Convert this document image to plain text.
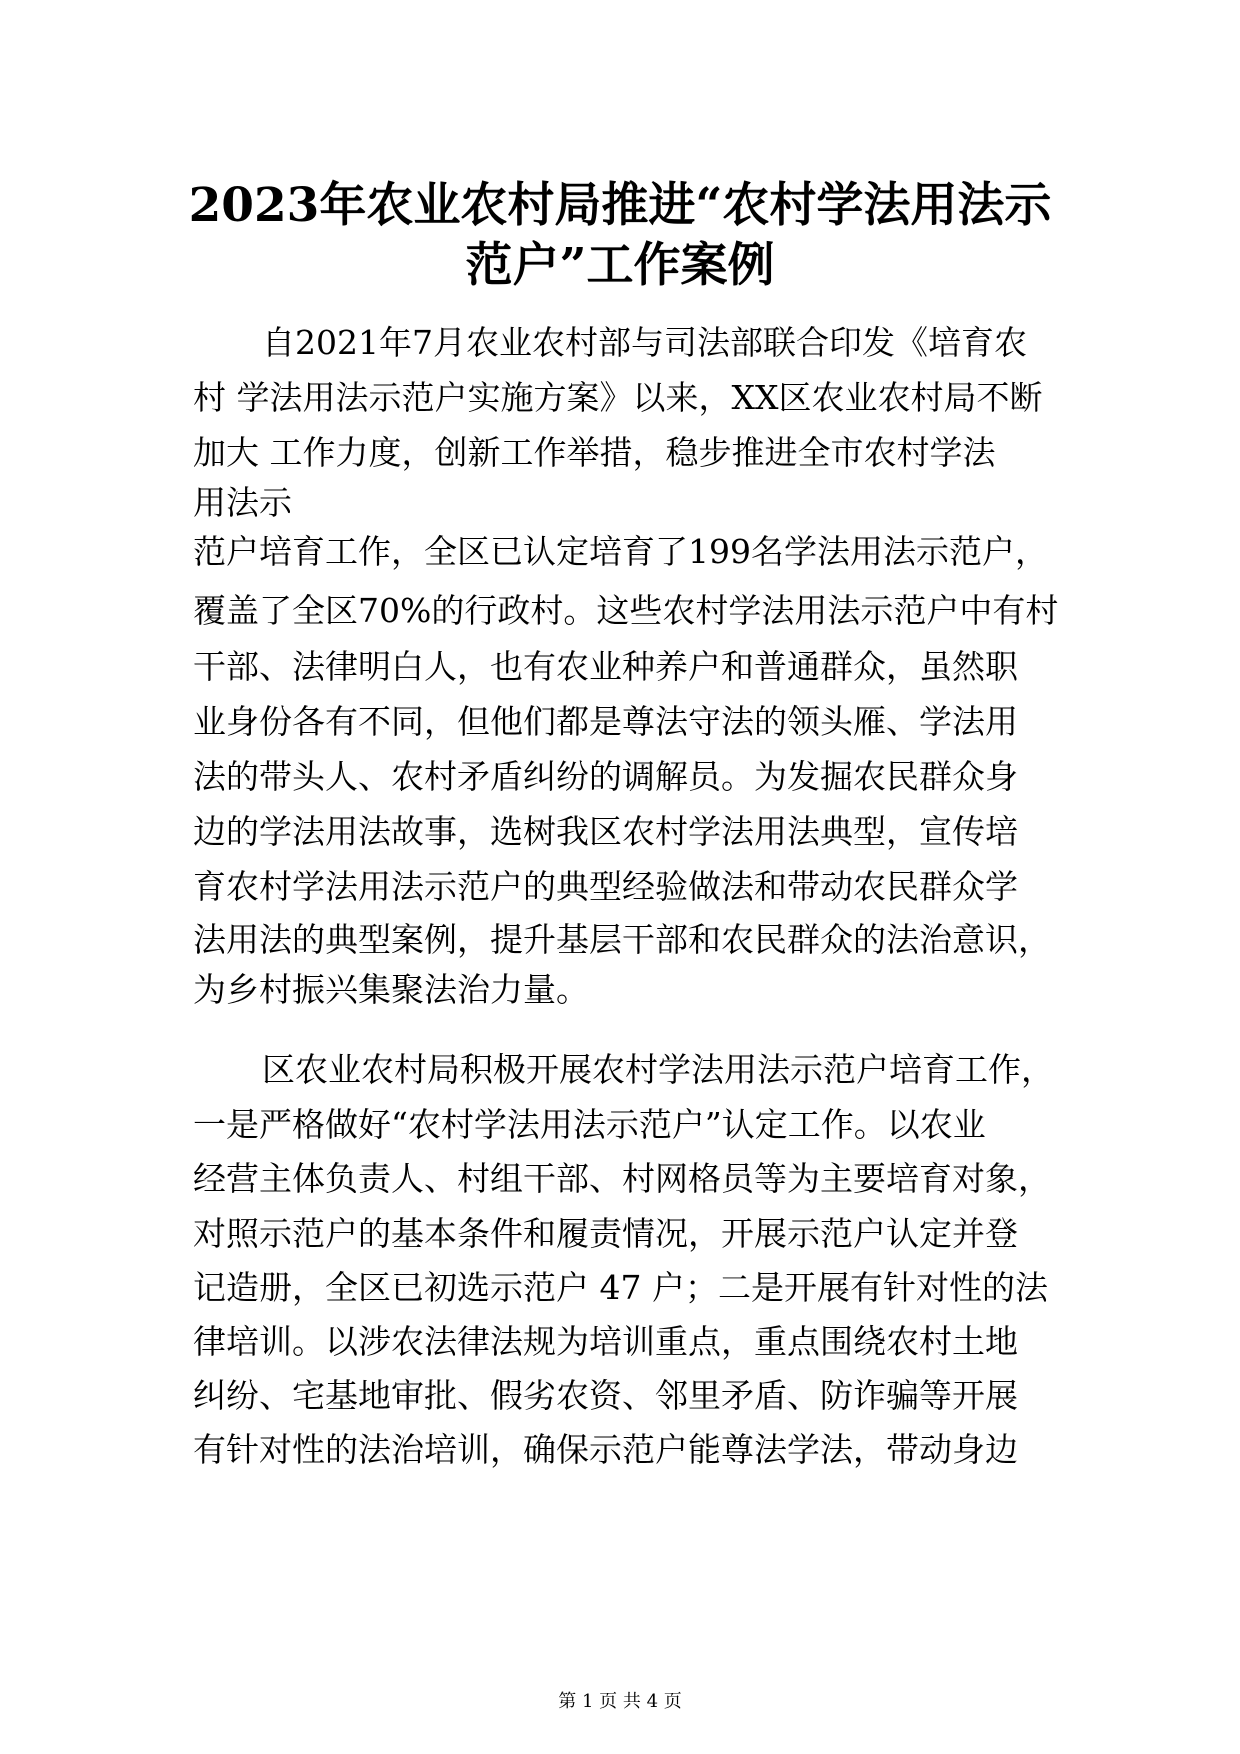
2023年农业农村局推进“农村学法用法示
范户”工作案例
自2021年7月农业农村部与司法部联合印发《培育农
村 学法用法示范户实施方案》以来，XX区农业农村局不断
加大 工作力度，创新工作举措，稳步推进全市农村学法
用法示
范户培育工作，全区已认定培育了199名学法用法示范户，
覆盖了全区70%的行政村。这些农村学法用法示范户中有村
干部、法律明白人，也有农业种养户和普通群众，虽然职
业身份各有不同，但他们都是尊法守法的领头雁、学法用
法的带头人、农村矛盾纠纷的调解员。为发掘农民群众身
边的学法用法故事，选树我区农村学法用法典型，宣传培
育农村学法用法示范户的典型经验做法和带动农民群众学
法用法的典型案例，提升基层干部和农民群众的法治意识，
为乡村振兴集聚法治力量。
区农业农村局积极开展农村学法用法示范户培育工作，
一是严格做好“农村学法用法示范户”认定工作。以农业
经营主体负责人、村组干部、村网格员等为主要培育对象，
对照示范户的基本条件和履责情况，开展示范户认定并登
记造册，全区已初选示范户 47 户；二是开展有针对性的法
律培训。以涉农法律法规为培训重点，重点围绕农村土地
纠纷、宅基地审批、假劣农资、邻里矛盾、防诈骗等开展
有针对性的法治培训，确保示范户能尊法学法，带动身边
第 1 页 共 4 页
